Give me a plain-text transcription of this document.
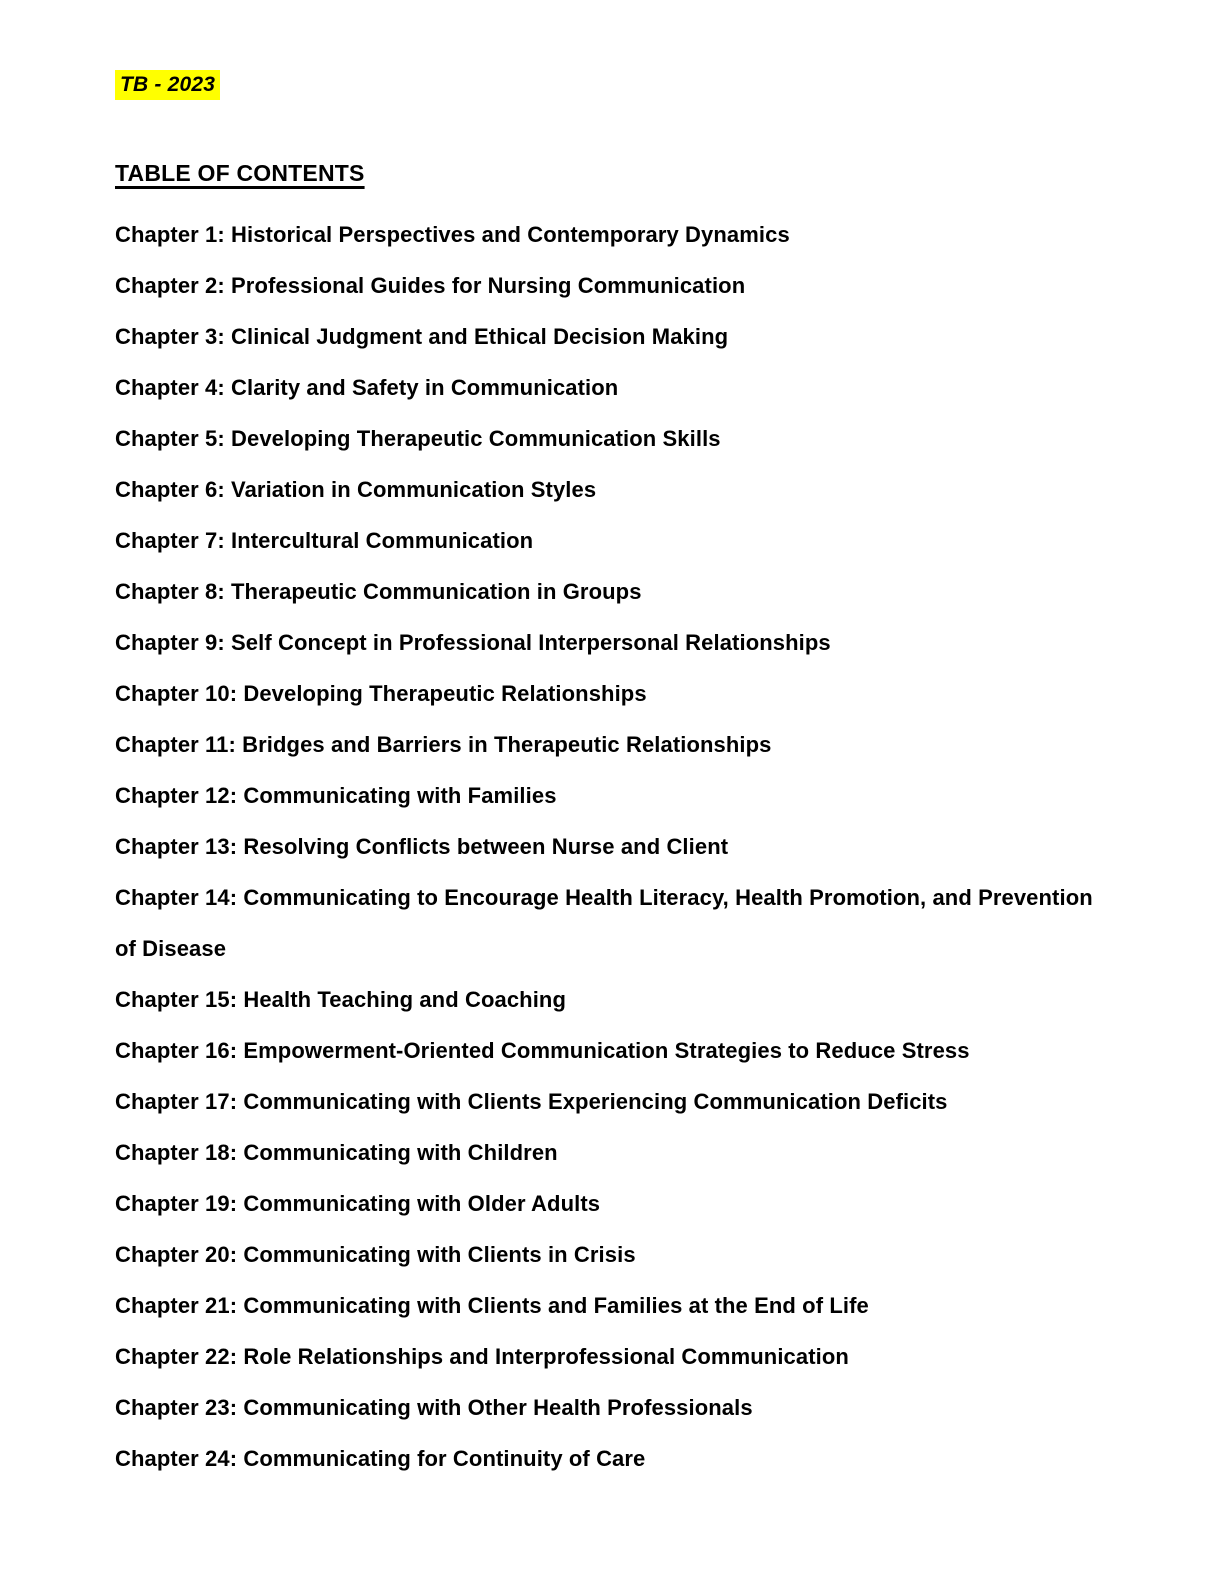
TB - 2023
TABLE OF CONTENTS

Chapter 1: Historical Perspectives and Contemporary Dynamics

Chapter 2: Professional Guides for Nursing Communication

Chapter 3: Clinical Judgment and Ethical Decision Making

Chapter 4: Clarity and Safety in Communication

Chapter 5: Developing Therapeutic Communication Skills

Chapter 6: Variation in Communication Styles

Chapter 7: Intercultural Communication

Chapter 8: Therapeutic Communication in Groups

Chapter 9: Self Concept in Professional Interpersonal Relationships

Chapter 10: Developing Therapeutic Relationships

Chapter 11: Bridges and Barriers in Therapeutic Relationships

Chapter 12: Communicating with Families

Chapter 13: Resolving Conflicts between Nurse and Client

Chapter 14: Communicating to Encourage Health Literacy, Health Promotion, and Prevention of Disease

Chapter 15: Health Teaching and Coaching

Chapter 16: Empowerment-Oriented Communication Strategies to Reduce Stress

Chapter 17: Communicating with Clients Experiencing Communication Deficits

Chapter 18: Communicating with Children

Chapter 19: Communicating with Older Adults

Chapter 20: Communicating with Clients in Crisis

Chapter 21: Communicating with Clients and Families at the End of Life

Chapter 22: Role Relationships and Interprofessional Communication

Chapter 23: Communicating with Other Health Professionals

Chapter 24: Communicating for Continuity of Care
